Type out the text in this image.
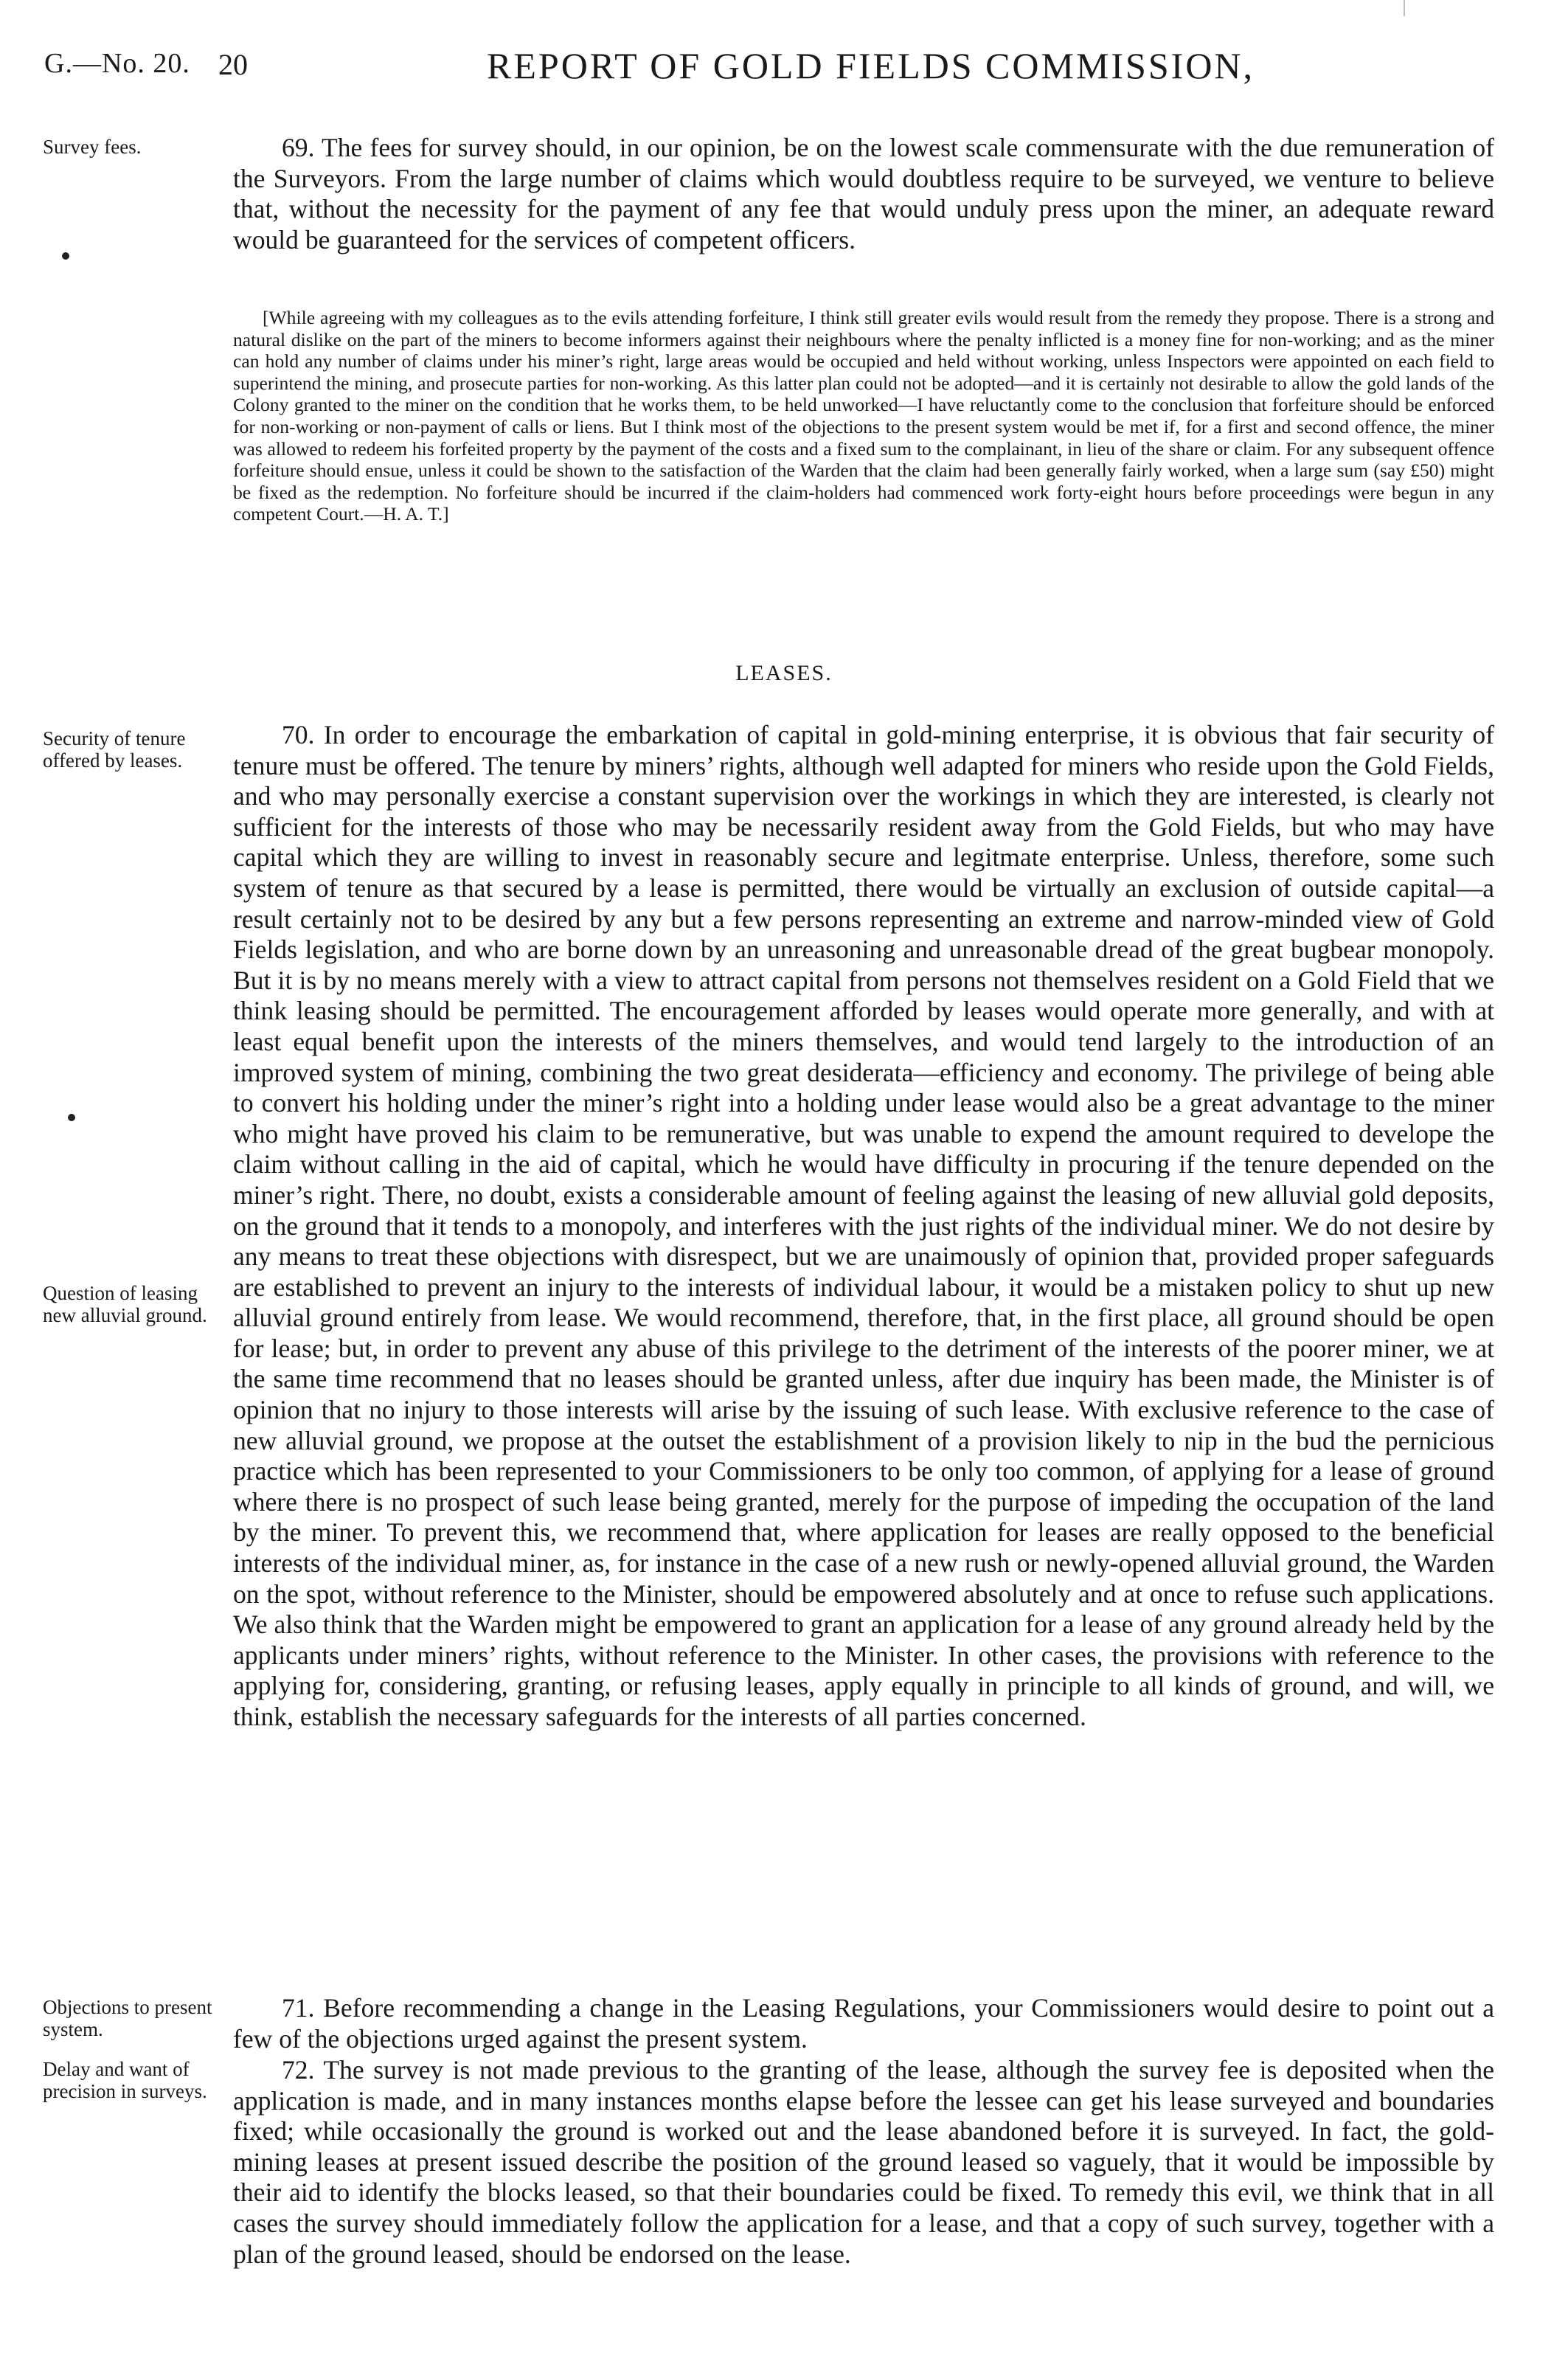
G.—No. 20. 20	REPORT OF GOLD FIELDS COMMISSION,
Survey fees.	69. The fees for survey should, in our opinion, be on the lowest scale commensurate with the due remuneration of the Surveyors. From the large number of claims which would doubtless require to be surveyed, we venture to believe that, without the necessity for the payment of any fee that would unduly press upon the miner, an adequate reward would be guaranteed for the services of competent officers.

[While agreeing with my colleagues as to the evils attending forfeiture, I think still greater evils would result from the remedy they propose. There is a strong and natural dislike on the part of the miners to become informers against their neighbours where the penalty inflicted is a money fine for non-working; and as the miner can hold any number of claims under his miner’s right, large areas would be occupied and held without working, unless Inspectors were appointed on each field to superintend the mining, and prosecute parties for non-working. As this latter plan could not be adopted—and it is certainly not desirable to allow the gold lands of the Colony granted to the miner on the condition that he works them, to be held unworked—I have reluctantly come to the conclusion that forfeiture should be enforced for non-working or non-payment of calls or liens. But I think most of the objections to the present system would be met if, for a first and second offence, the miner was allowed to redeem his forfeited property by the payment of the costs and a fixed sum to the complainant, in lieu of the share or claim. For any subsequent offence forfeiture should ensue, unless it could be shown to the satisfaction of the Warden that the claim had been generally fairly worked, when a large sum (say £50) might be fixed as the redemption. No forfeiture should be incurred if the claim-holders had commenced work forty-eight hours before proceedings were begun in any competent Court.—H. A. T.]

LEASES.
Security of tenure offered by leases.

70. In order to encourage the embarkation of capital in gold-mining enterprise, it is obvious that fair security of tenure must be offered. The tenure by miners’ rights, although well adapted for miners who reside upon the Gold Fields, and who may personally exercise a constant supervision over the workings in which they are interested, is clearly not sufficient for the interests of those who may be necessarily resident away from the Gold Fields, but who may have capital which they are willing to invest in reasonably secure and legitmate enterprise. Unless, therefore, some such system of tenure as that secured by a lease is permitted, there would be virtually an exclusion of outside capital—a result certainly not to be desired by any but a few persons representing an extreme and narrow-minded view of Gold Fields legislation, and who are borne down by an unreasoning and unreasonable dread of the great bugbear monopoly. But it is by no means merely with a view to attract capital from persons not themselves resident on a Gold Field that we think leasing should be permitted. The encouragement afforded by leases would operate more generally, and with at least equal benefit upon the interests of the miners themselves, and would tend largely to the introduction of an improved system of mining, combining the two great desiderata—efficiency and economy. The privilege of being able to convert his holding under the miner’s right into a holding under lease would also be a great advantage to the miner who might have proved his claim to be remunerative, but was unable to expend the amount required to develope the claim without calling in the aid of capital, which he would have difficulty in procuring if the tenure depended on the miner’s right. There, no doubt, exists a considerable amount of feeling against the leasing of new alluvial gold deposits, on the ground that it tends to a monopoly, and interferes with the just rights of the individual miner. We do not desire by any means to treat these objections with disrespect, but we are unaimously of opinion that, provided proper safeguards are established to prevent an injury to the interests of individual labour, it would be a mistaken policy to shut up new alluvial ground entirely from lease. We would recommend, therefore, that, in the first place, all ground should be open for lease; but, in order to prevent any abuse of this privilege to the detriment of the interests of the poorer miner, we at the same time recommend that no leases should be granted unless, after due inquiry has been made, the Minister is of opinion that no injury to those interests will arise by the issuing of such lease. With exclusive reference to the case of new alluvial ground, we propose at the outset the establishment of a provision likely to nip in the bud the pernicious practice which has been represented to your Commissioners to be only too common, of applying for a lease of ground where there is no prospect of such lease being granted, merely for the purpose of impeding the occupation of the land by the miner. To prevent this, we recommend that, where application for leases are really opposed to the beneficial interests of the individual miner, as, for instance in the case of a new rush or newly-opened alluvial ground, the Warden on the spot, without reference to the Minister, should be empowered absolutely and at once to refuse such applications. We also think that the Warden might be empowered to grant an application for a lease of any ground already held by the applicants under miners’ rights, without reference to the Minister. In other cases, the provisions with reference to the applying for, considering, granting, or refusing leases, apply equally in principle to all kinds of ground, and will, we think, establish the necessary safeguards for the interests of all parties concerned.

Question of leasing new alluvial ground.
Objections to present system.

71. Before recommending a change in the Leasing Regulations, your Commissioners would desire to point out a few of the objections urged against the present system.

Delay and want of precision in surveys.

72. The survey is not made previous to the granting of the lease, although the survey fee is deposited when the application is made, and in many instances months elapse before the lessee can get his lease surveyed and boundaries fixed; while occasionally the ground is worked out and the lease abandoned before it is surveyed. In fact, the gold-mining leases at present issued describe the position of the ground leased so vaguely, that it would be impossible by their aid to identify the blocks leased, so that their boundaries could be fixed. To remedy this evil, we think that in all cases the survey should immediately follow the application for a lease, and that a copy of such survey, together with a plan of the ground leased, should be endorsed on the lease.
